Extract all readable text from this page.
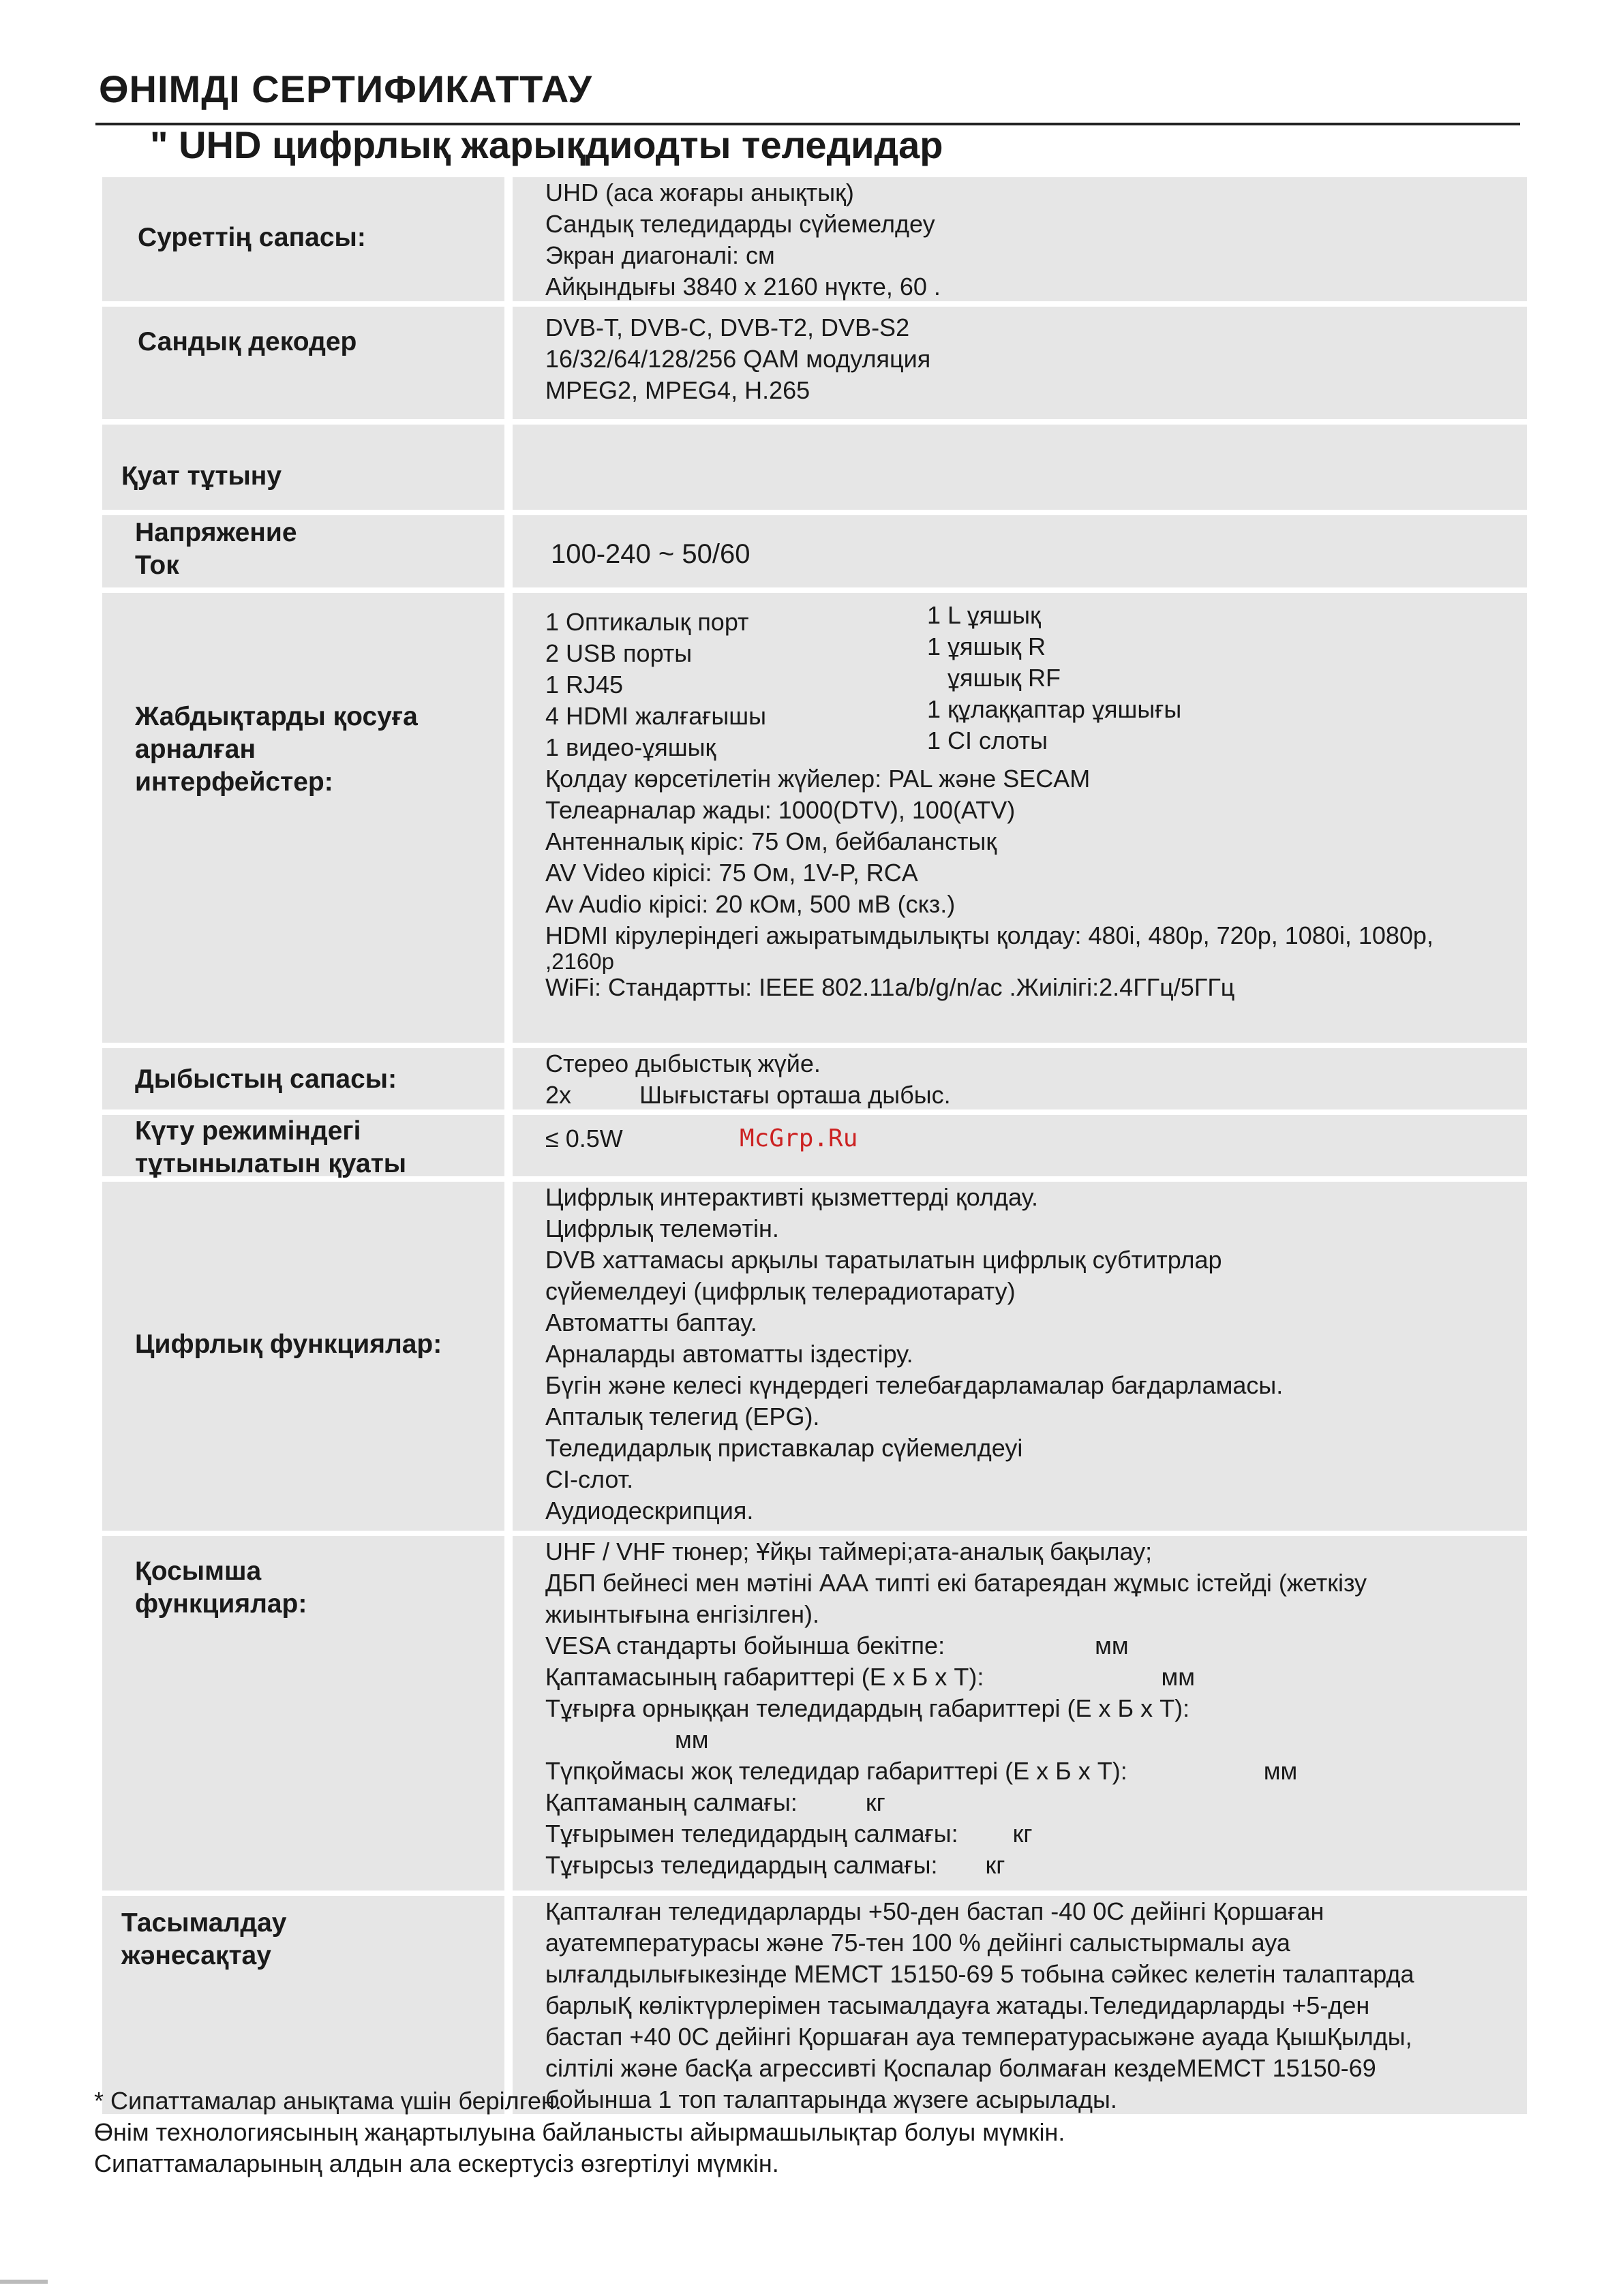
ӨНІМДІ СЕРТИФИКАТТАУ
" UHD цифрлық жарықдиодты теледидар
Суреттің сапасы:
UHD (аса жоғары анықтық)
Сандық теледидарды сүйемелдеу
Экран диагоналі: см
Айқындығы 3840 x 2160 нүкте, 60 .
Сандық декодер	DVB-T, DVB-C, DVB-T2, DVB-S2
16/32/64/128/256 QAM модуляция
MPEG2, MPEG4, H.265
Қуат тұтыну
Напряжение
Ток	100-240 ~ 50/60
Жабдықтарды қосуға
арналған
интерфейстер:
1 Оптикалық порт
2 USB порты
1 RJ45
4 HDMI жалғағышы
1 видео-ұяшық
1 L ұяшық
1 ұяшық R
ұяшық RF
1 құлаққаптар ұяшығы
1 CI слоты
Қолдау көрсетілетін жүйелер: PAL және SECAM
Телеарналар жады: 1000(DTV), 100(ATV)
Антенналық кіріс: 75 Ом, бейбаланстық
AV Video кірісі: 75 Ом, 1V-P, RCA
Av Audio кірісі: 20 кОм, 500 мВ (скз.)
HDMI кірулеріндегі ажыратымдылықты қолдау: 480i, 480p, 720p, 1080i, 1080p,
,2160p
WiFi: Стандартты: IEEE 802.11a/b/g/n/ac .Жиілігі:2.4ГГц/5ГГц
Дыбыстың сапасы:
Стерео дыбыстық жүйе.
2x          Шығыстағы орташа дыбыс.
Күту режиміндегі
тұтынылатын қуаты
≤ 0.5W
Цифрлық функциялар:
Цифрлық интерактивті қызметтерді қолдау.
Цифрлық телемәтін.
DVB хаттамасы арқылы таратылатын цифрлық субтитрлар
сүйемелдеуі (цифрлық телерадиотарату)
Автоматты баптау.
Арналарды автоматты іздестіру.
Бүгін және келесі күндердегі телебағдарламалар бағдарламасы.
Апталық телегид (EPG).
Теледидарлық приставкалар сүйемелдеуі
CI-слот.
Аудиодескрипция.
Қосымша
функциялар:
UHF / VHF тюнер; Ұйқы таймері;ата-аналық бақылау;
ДБП бейнесі мен мәтіні ААА типті екі батареядан жұмыс істейді (жеткізу
жиынтығына енгізілген).
VESA стандарты бойынша бекітпе:                      мм
Қаптамасының габариттері (Е х Б х Т):                          мм
Тұғырға орныққан теледидардың габариттері (Е х Б х Т):
мм
Түпқоймасы жоқ теледидар габариттері (Е х Б х Т):                    мм
Қаптаманың салмағы:          кг
Тұғырымен теледидардың салмағы:        кг
Тұғырсыз теледидардың салмағы:       кг
Тасымалдау
жәнесақтау
Қапталған теледидарларды +50-ден бастап -40 0С дейінгі Қоршаған
ауатемпературасы және 75-тен 100 % дейінгі салыстырмалы ауа
ылғалдылығыкезінде МЕМСТ 15150-69 5 тобына сәйкес келетін талаптарда
барлыҚ көліктүрлерімен тасымалдауға жатады.Теледидарларды +5-ден
бастап +40 0С дейінгі Қоршаған ауа температурасыжәне ауада ҚышҚылды,
сілтілі және басҚа агрессивті Қоспалар болмаған кездеМЕМСТ 15150-69
бойынша 1 топ талаптарында жүзеге асырылады.
McGrp.Ru
* Сипаттамалар анықтама үшін берілген.
Өнім технологиясының жаңартылуына байланысты айырмашылықтар болуы мүмкін.
Сипаттамаларының алдын ала ескертусіз өзгертілуі мүмкін.
